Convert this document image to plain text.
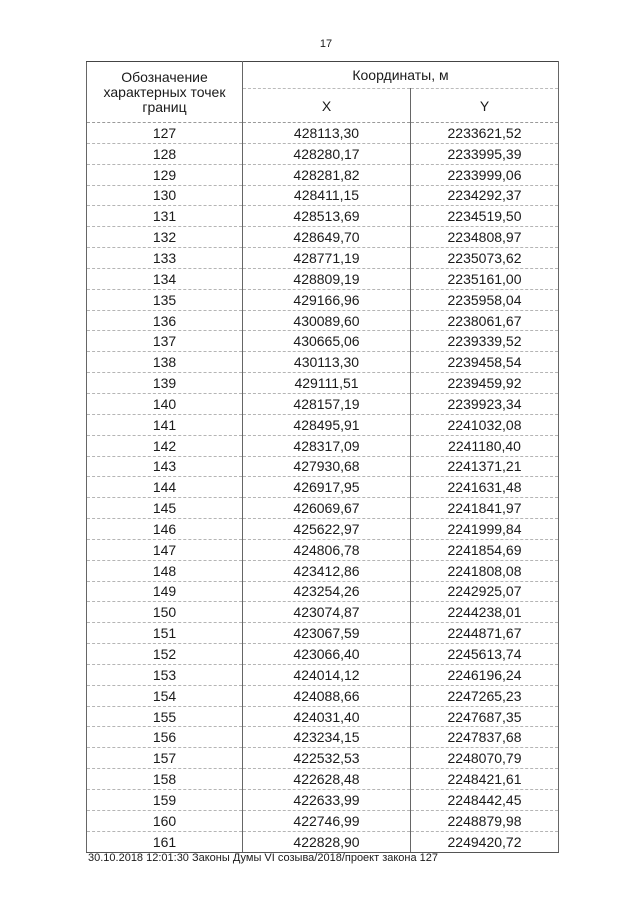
17
Обозначение характерных точек границ	Координаты, м	
	X	Y
127	428113,30	2233621,52
128	428280,17	2233995,39
129	428281,82	2233999,06
130	428411,15	2234292,37
131	428513,69	2234519,50
132	428649,70	2234808,97
133	428771,19	2235073,62
134	428809,19	2235161,00
135	429166,96	2235958,04
136	430089,60	2238061,67
137	430665,06	2239339,52
138	430113,30	2239458,54
139	429111,51	2239459,92
140	428157,19	2239923,34
141	428495,91	2241032,08
142	428317,09	2241180,40
143	427930,68	2241371,21
144	426917,95	2241631,48
145	426069,67	2241841,97
146	425622,97	2241999,84
147	424806,78	2241854,69
148	423412,86	2241808,08
149	423254,26	2242925,07
150	423074,87	2244238,01
151	423067,59	2244871,67
152	423066,40	2245613,74
153	424014,12	2246196,24
154	424088,66	2247265,23
155	424031,40	2247687,35
156	423234,15	2247837,68
157	422532,53	2248070,79
158	422628,48	2248421,61
159	422633,99	2248442,45
160	422746,99	2248879,98
161	422828,90	2249420,72
30.10.2018 12:01:30 Законы Думы VI созыва/2018/проект закона 127
